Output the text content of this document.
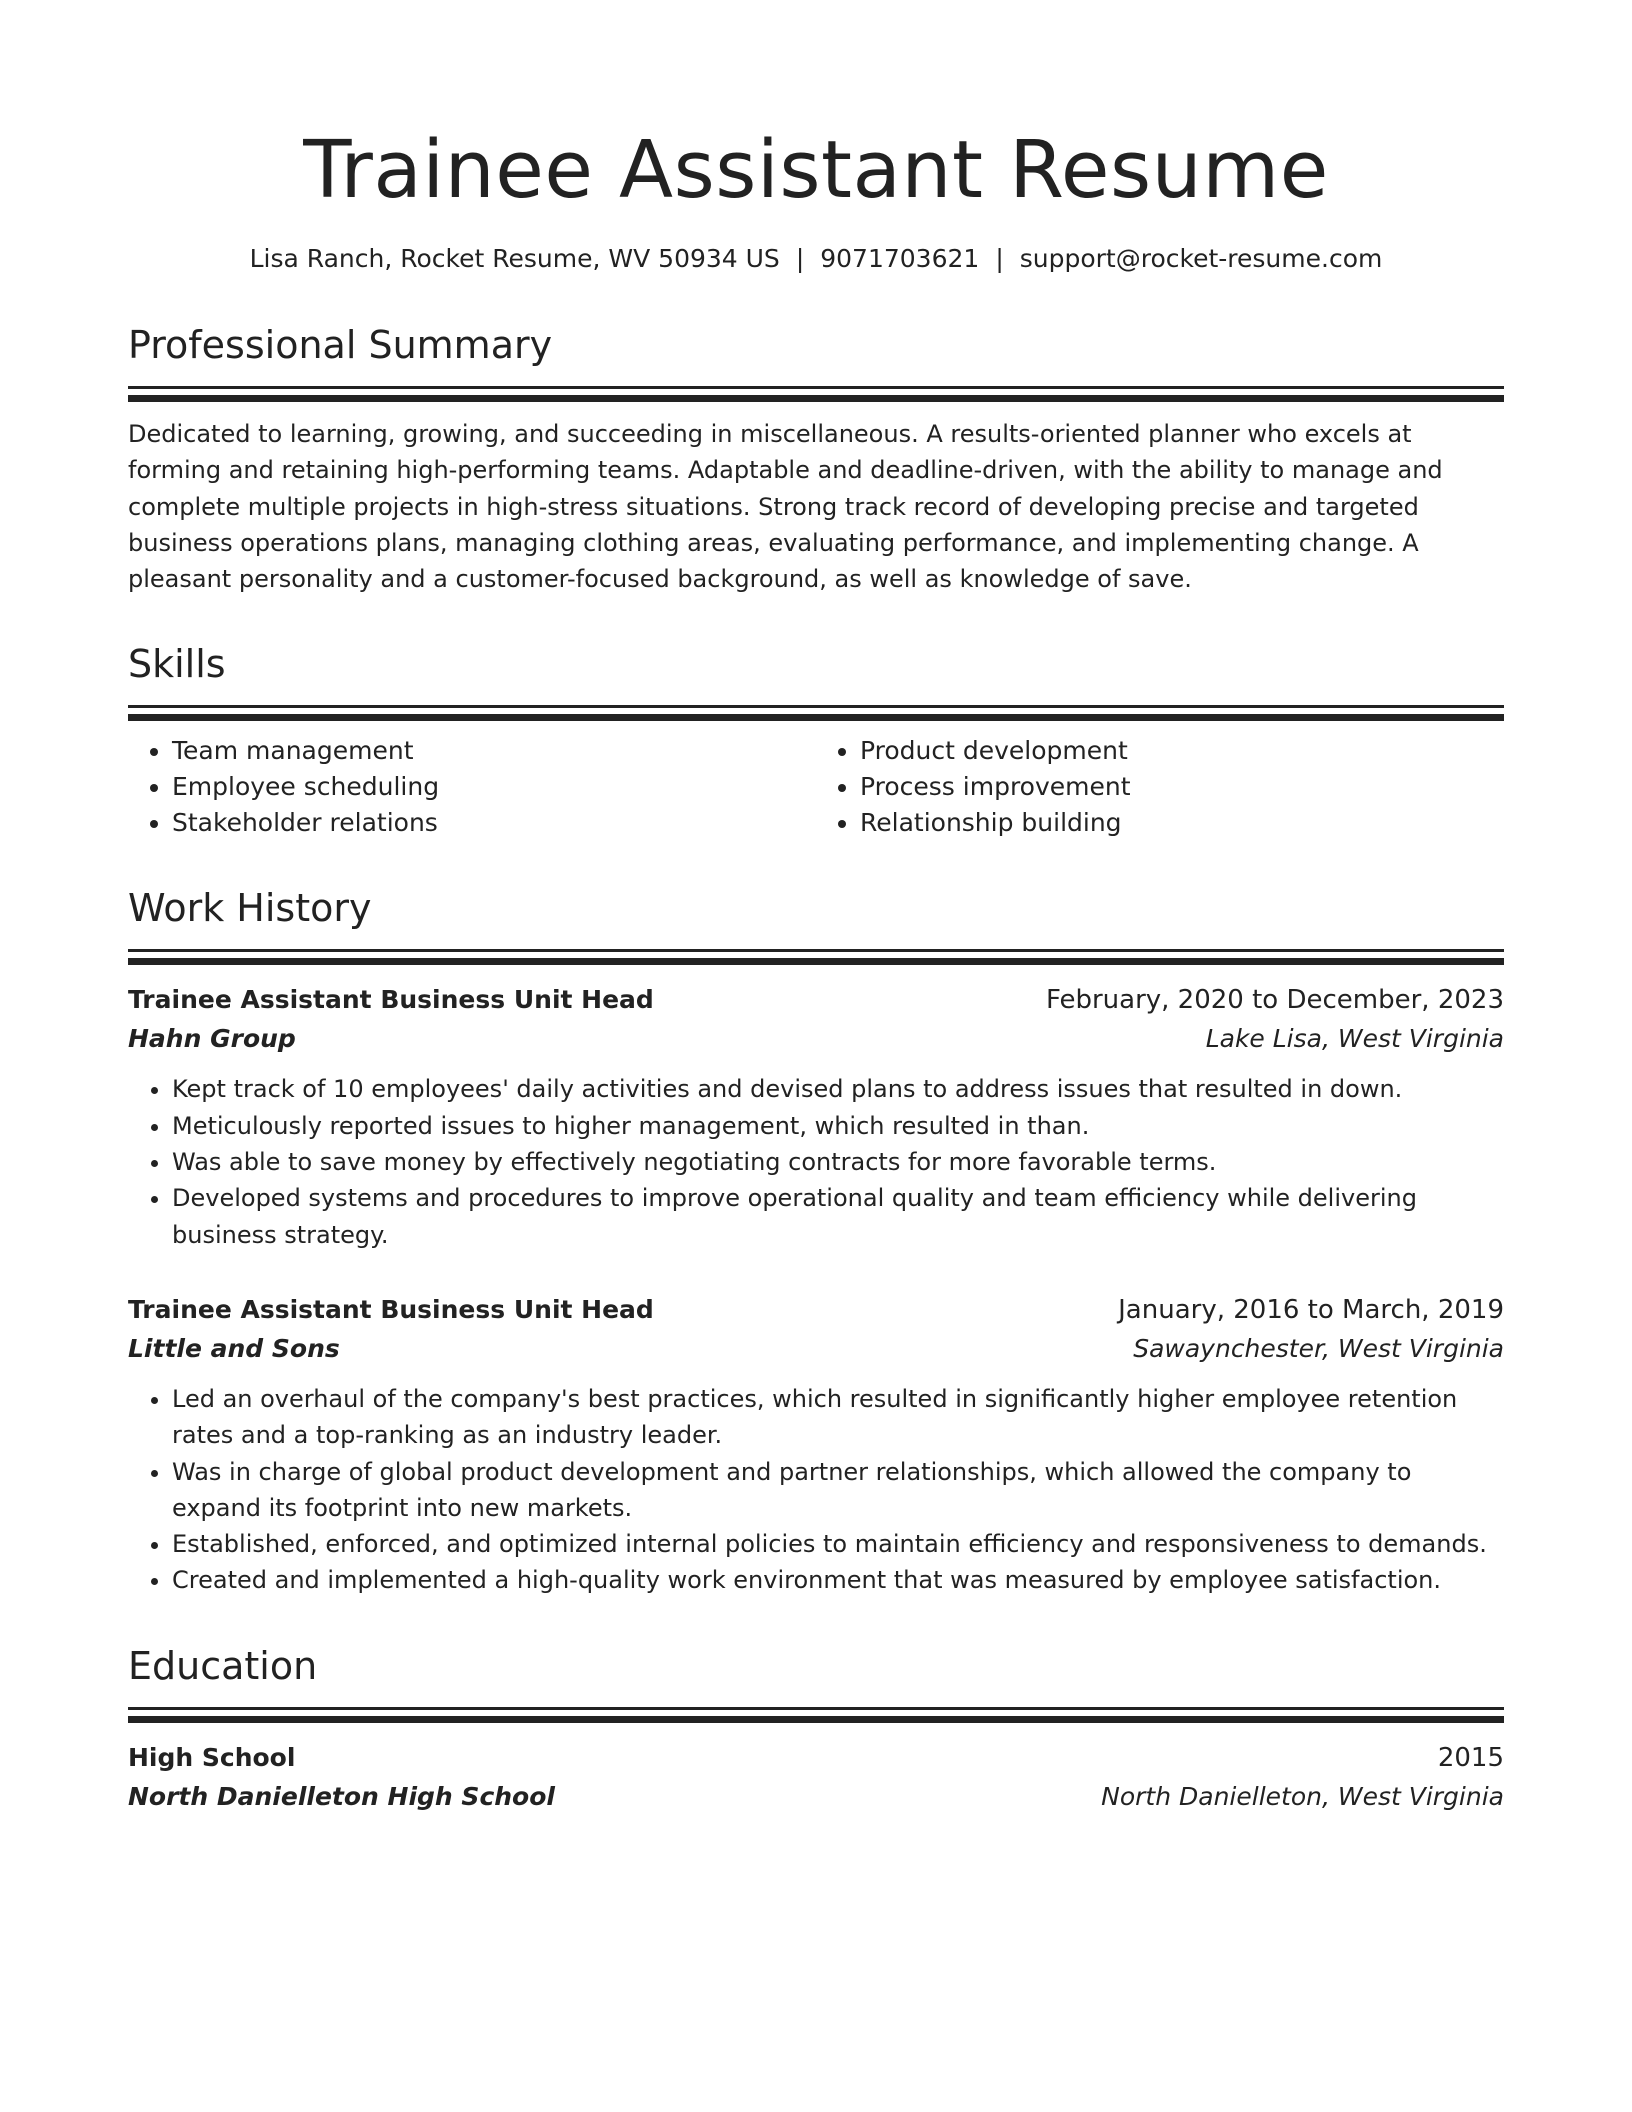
Trainee Assistant Resume
Lisa Ranch, Rocket Resume, WV 50934 US | 9071703621 | support@rocket-resume.com
Professional Summary

Dedicated to learning, growing, and succeeding in miscellaneous. A results-oriented planner who excels at forming and retaining high-performing teams. Adaptable and deadline-driven, with the ability to manage and complete multiple projects in high-stress situations. Strong track record of developing precise and targeted business operations plans, managing clothing areas, evaluating performance, and implementing change. A pleasant personality and a customer-focused background, as well as knowledge of save.

Skills
• Team management
• Employee scheduling
• Stakeholder relations
• Product development
• Process improvement
• Relationship building
Work History
Trainee Assistant Business Unit Head	February, 2020 to December, 2023
Hahn Group	Lake Lisa, West Virginia
• Kept track of 10 employees' daily activities and devised plans to address issues that resulted in down.
• Meticulously reported issues to higher management, which resulted in than.
• Was able to save money by effectively negotiating contracts for more favorable terms.
• Developed systems and procedures to improve operational quality and team efficiency while delivering business strategy.
Trainee Assistant Business Unit Head	January, 2016 to March, 2019
Little and Sons	Sawaynchester, West Virginia
• Led an overhaul of the company's best practices, which resulted in significantly higher employee retention rates and a top-ranking as an industry leader.
• Was in charge of global product development and partner relationships, which allowed the company to expand its footprint into new markets.
• Established, enforced, and optimized internal policies to maintain efficiency and responsiveness to demands.
• Created and implemented a high-quality work environment that was measured by employee satisfaction.
Education
High School	2015
North Danielleton High School	North Danielleton, West Virginia
